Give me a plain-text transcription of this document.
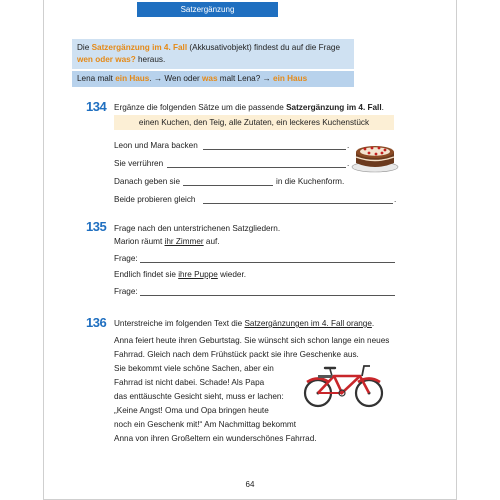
Satzergänzung
Die Satzergänzung im 4. Fall (Akkusativobjekt) findest du auf die Frage
wen oder was? heraus.
Lena malt ein Haus. → Wen oder was malt Lena? → ein Haus
134 Ergänze die folgenden Sätze um die passende Satzergänzung im 4. Fall.
einen Kuchen, den Teig, alle Zutaten, ein leckeres Kuchenstück
Leon und Mara backen	.
Sie verrühren	.
Danach geben sie	in die Kuchenform.
Beide probieren gleich	.
135 Frage nach den unterstrichenen Satzgliedern.
Marion räumt ihr Zimmer auf.
Frage:
Endlich findet sie ihre Puppe wieder.
Frage:
136 Unterstreiche im folgenden Text die Satzergänzungen im 4. Fall orange.
Anna feiert heute ihren Geburtstag. Sie wünscht sich schon lange ein neues
Fahrrad. Gleich nach dem Frühstück packt sie ihre Geschenke aus.
Sie bekommt viele schöne Sachen, aber ein
Fahrrad ist nicht dabei. Schade! Als Papa
das enttäuschte Gesicht sieht, muss er lachen:
„Keine Angst! Oma und Opa bringen heute
noch ein Geschenk mit!“ Am Nachmittag bekommt
Anna von ihren Großeltern ein wunderschönes Fahrrad.
64
